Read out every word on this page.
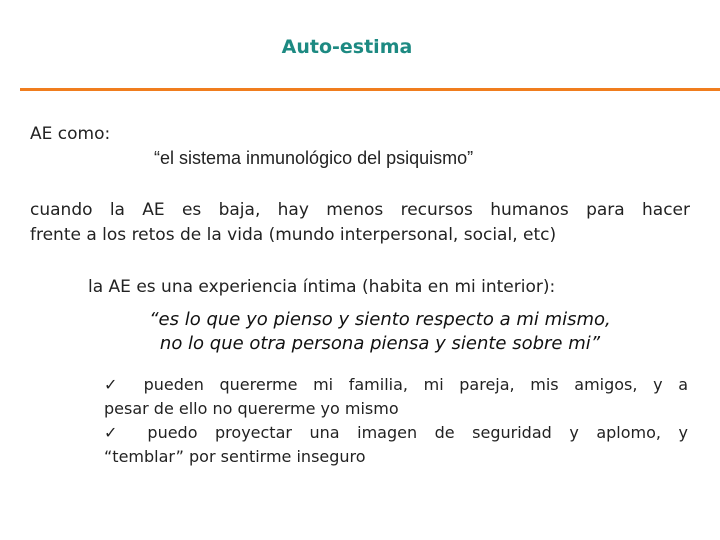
Auto-estima
AE como:
“el sistema inmunológico del psiquismo”
cuando la AE es baja, hay menos recursos humanos para hacer
frente a los retos de la vida (mundo interpersonal, social, etc)
la AE es una experiencia íntima (habita en mi interior):
“es lo que yo pienso y siento respecto a mi mismo,
no lo que otra persona piensa y siente sobre mi”
✓ pueden quererme mi familia, mi pareja, mis amigos, y a
pesar de ello no quererme yo mismo
✓ puedo proyectar una imagen de seguridad y aplomo, y
“temblar” por sentirme inseguro
